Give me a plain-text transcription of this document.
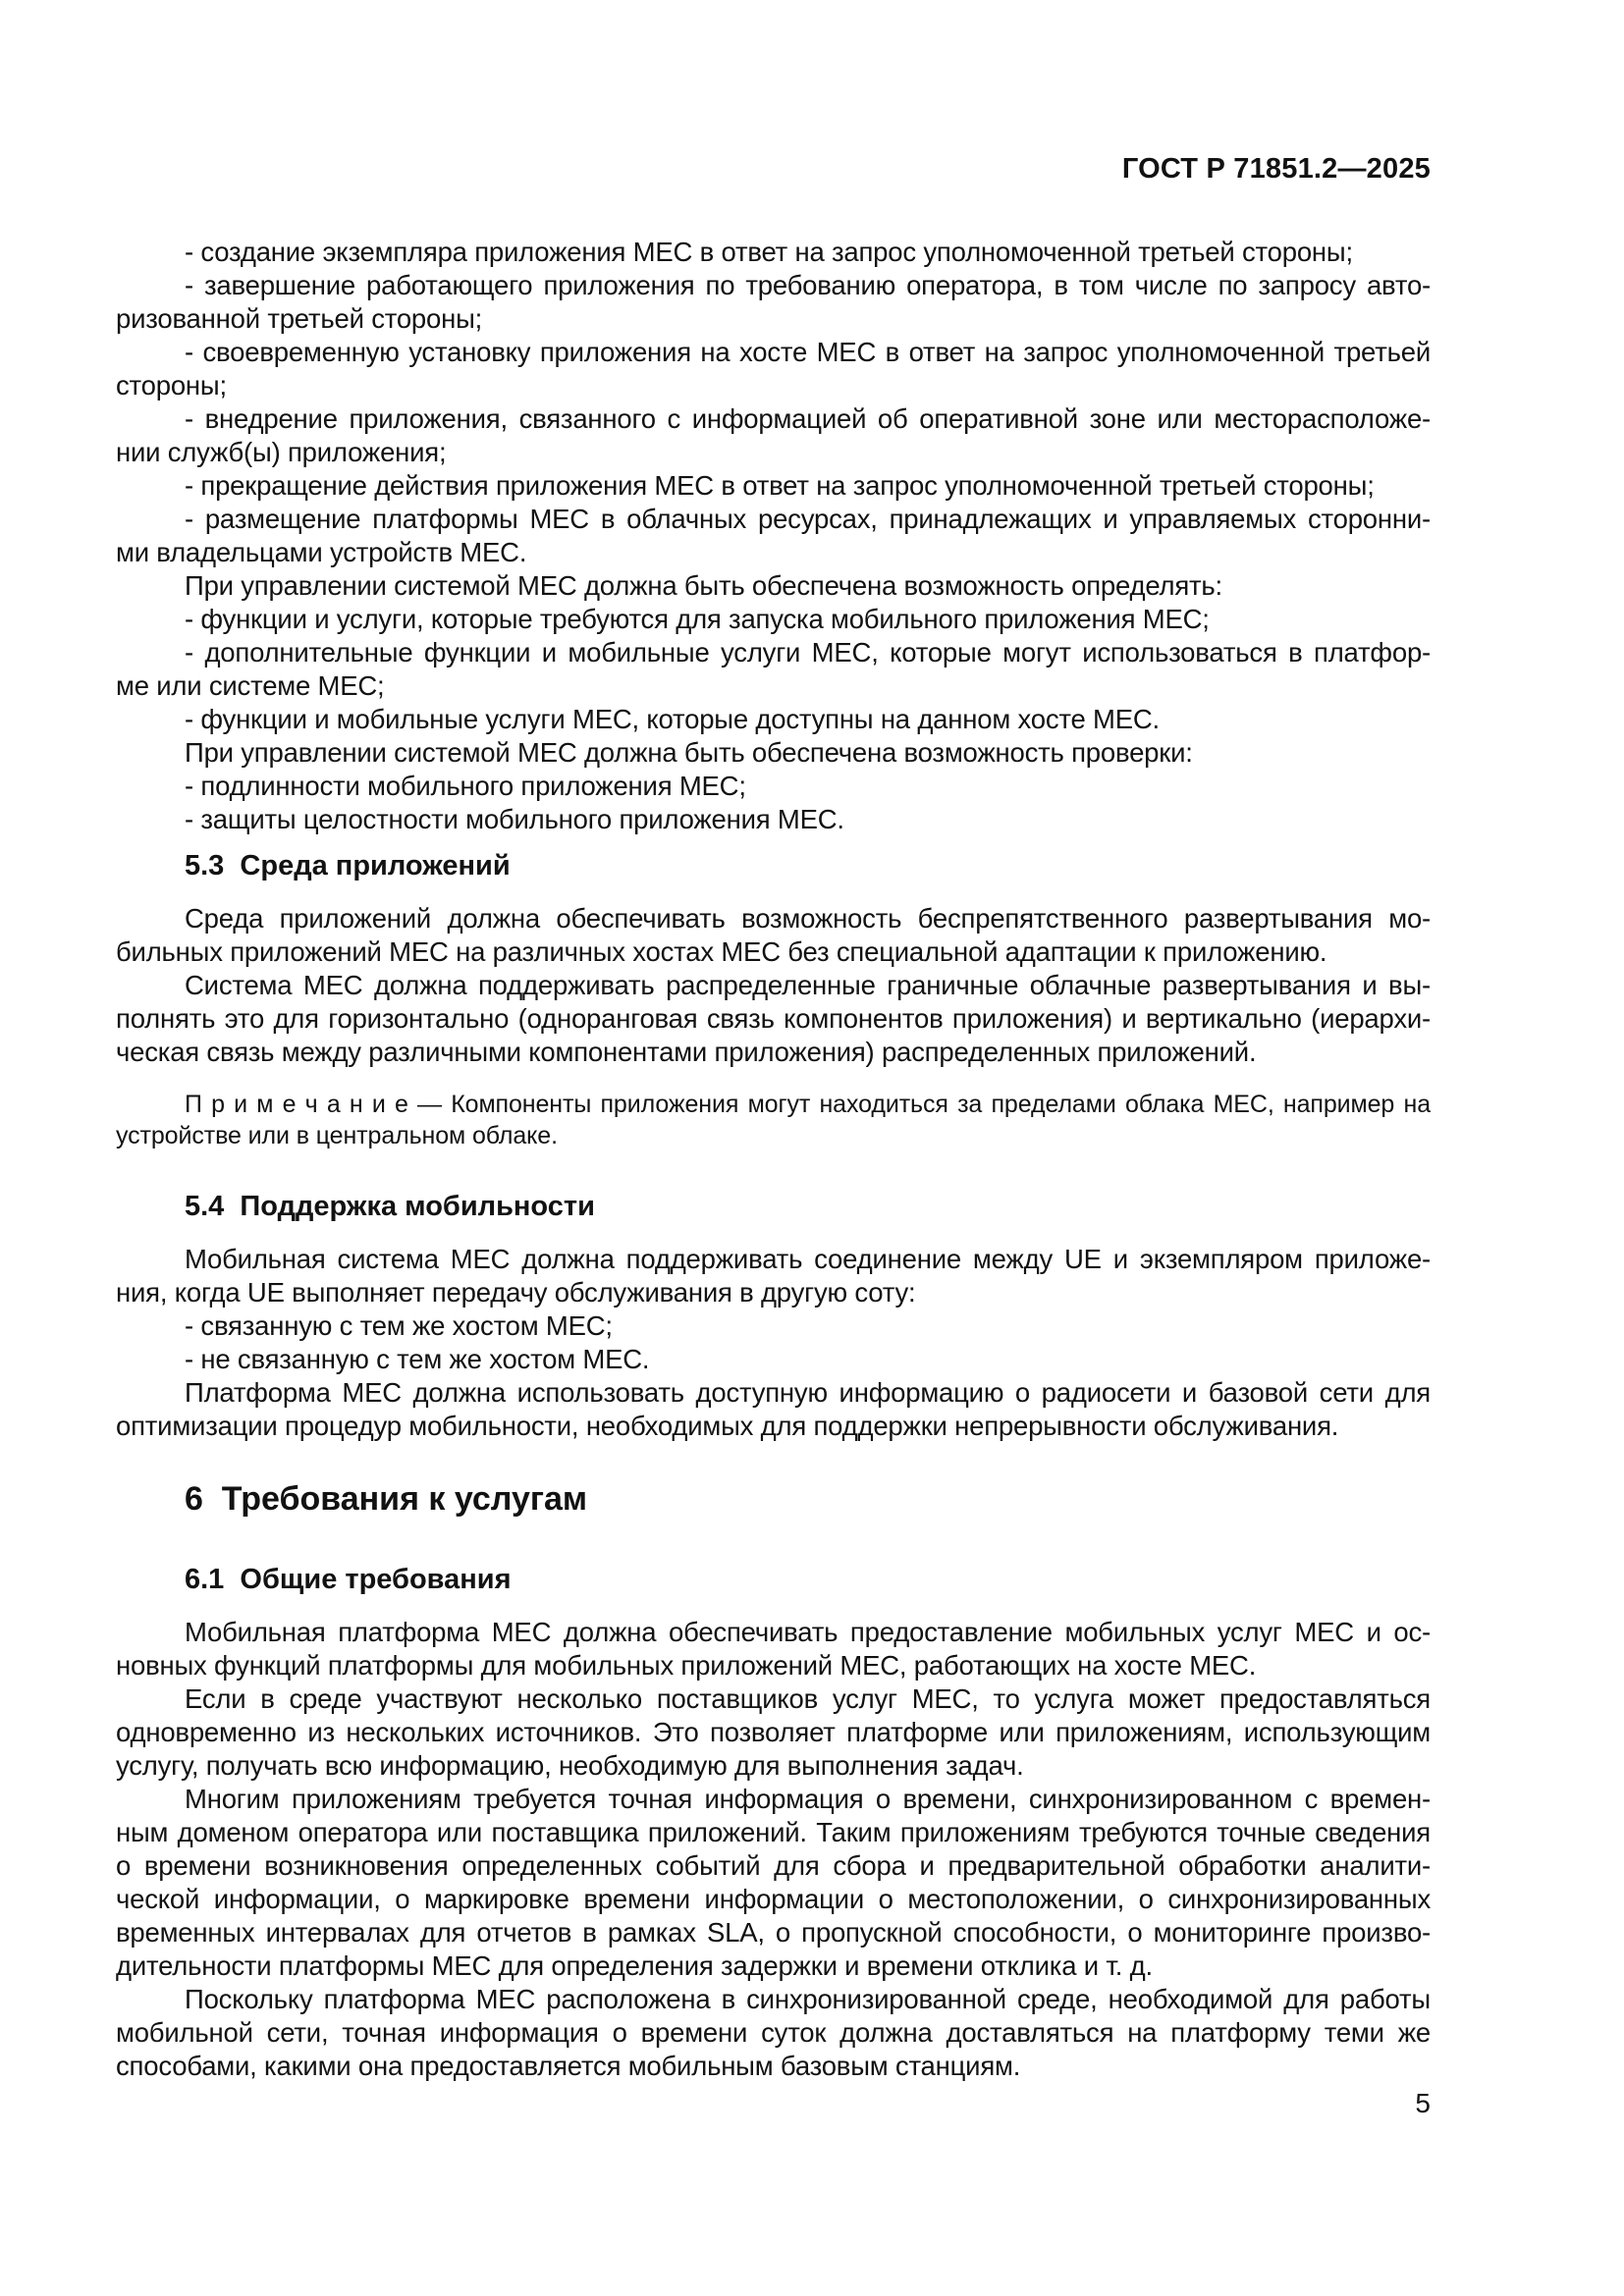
ГОСТ Р 71851.2—2025
- создание экземпляра приложения MEC в ответ на запрос уполномоченной третьей стороны;
- завершение работающего приложения по требованию оператора, в том числе по запросу авто-
ризованной третьей стороны;
- своевременную установку приложения на хосте MEC в ответ на запрос уполномоченной третьей
стороны;
- внедрение приложения, связанного с информацией об оперативной зоне или месторасположе-
нии служб(ы) приложения;
- прекращение действия приложения MEC в ответ на запрос уполномоченной третьей стороны;
- размещение платформы MEC в облачных ресурсах, принадлежащих и управляемых сторонни-
ми владельцами устройств MEC.
При управлении системой MEC должна быть обеспечена возможность определять:
- функции и услуги, которые требуются для запуска мобильного приложения MEC;
- дополнительные функции и мобильные услуги MEC, которые могут использоваться в платфор-
ме или системе MEC;
- функции и мобильные услуги MEC, которые доступны на данном хосте MEC.
При управлении системой MEC должна быть обеспечена возможность проверки:
- подлинности мобильного приложения MEC;
- защиты целостности мобильного приложения MEC.
5.3  Среда приложений
Среда приложений должна обеспечивать возможность беспрепятственного развертывания мо-
бильных приложений MEC на различных хостах MEC без специальной адаптации к приложению.
Система MEC должна поддерживать распределенные граничные облачные развертывания и вы-
полнять это для горизонтально (одноранговая связь компонентов приложения) и вертикально (иерархи-
ческая связь между различными компонентами приложения) распределенных приложений.
П р и м е ч а н и е — Компоненты приложения могут находиться за пределами облака MEC, например на
устройстве или в центральном облаке.
5.4  Поддержка мобильности
Мобильная система MEC должна поддерживать соединение между UE и экземпляром приложе-
ния, когда UE выполняет передачу обслуживания в другую соту:
- связанную с тем же хостом MEC;
- не связанную с тем же хостом MEC.
Платформа MEC должна использовать доступную информацию о радиосети и базовой сети для
оптимизации процедур мобильности, необходимых для поддержки непрерывности обслуживания.
6  Требования к услугам
6.1  Общие требования
Мобильная платформа MEC должна обеспечивать предоставление мобильных услуг MEC и ос-
новных функций платформы для мобильных приложений MEC, работающих на хосте MEC.
Если в среде участвуют несколько поставщиков услуг MEC, то услуга может предоставляться
одновременно из нескольких источников. Это позволяет платформе или приложениям, использующим
услугу, получать всю информацию, необходимую для выполнения задач.
Многим приложениям требуется точная информация о времени, синхронизированном с времен-
ным доменом оператора или поставщика приложений. Таким приложениям требуются точные сведения
о времени возникновения определенных событий для сбора и предварительной обработки аналити-
ческой информации, о маркировке времени информации о местоположении, о синхронизированных
временных интервалах для отчетов в рамках SLA, о пропускной способности, о мониторинге произво-
дительности платформы MEC для определения задержки и времени отклика и т. д.
Поскольку платформа MEC расположена в синхронизированной среде, необходимой для работы
мобильной сети, точная информация о времени суток должна доставляться на платформу теми же
способами, какими она предоставляется мобильным базовым станциям.
5
